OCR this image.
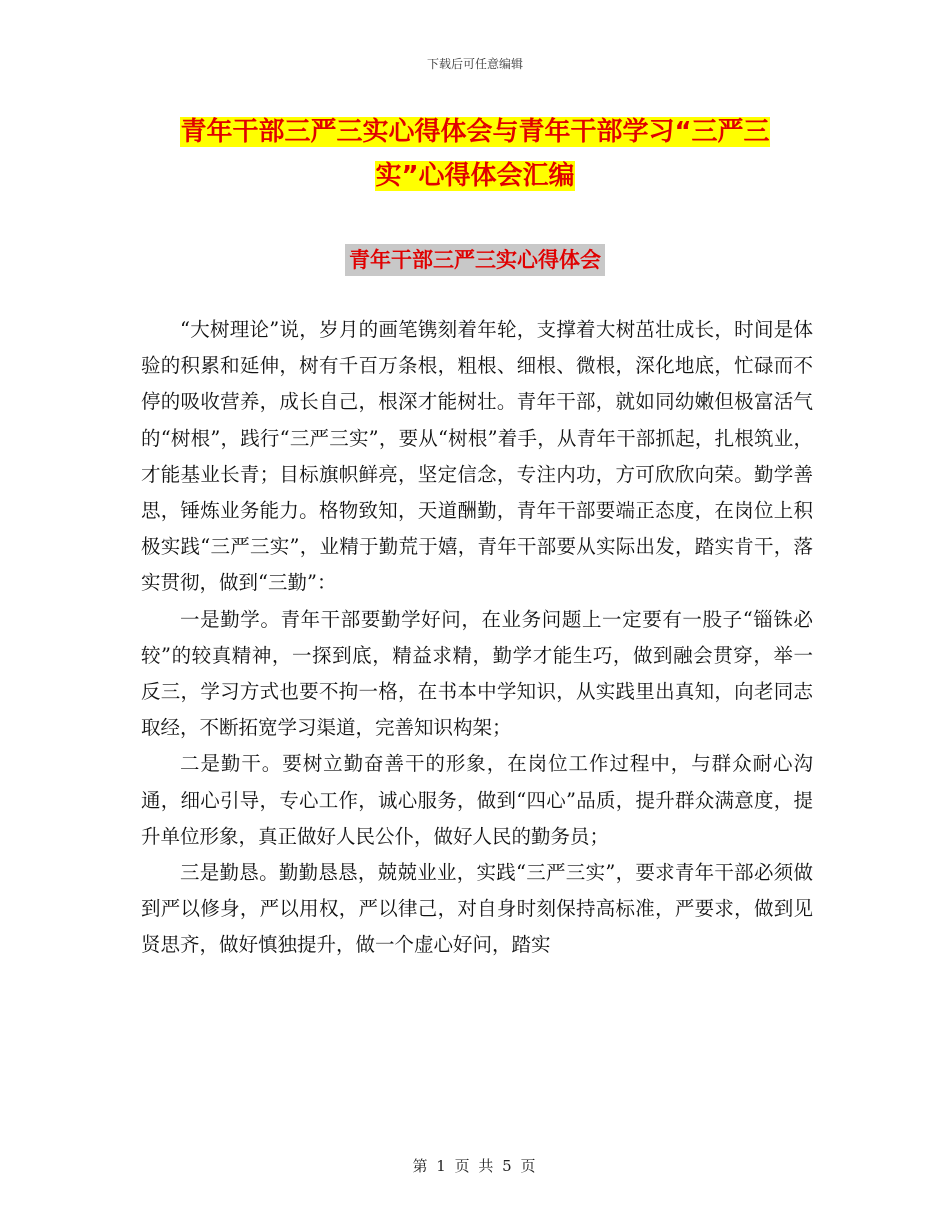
下载后可任意编辑
青年干部三严三实心得体会与青年干部学习“三严三
实”心得体会汇编
青年干部三严三实心得体会

“大树理论”说，岁月的画笔镌刻着年轮，支撑着大树茁壮成长，时间是体验的积累和延伸，树有千百万条根，粗根、细根、微根，深化地底，忙碌而不停的吸收营养，成长自己，根深才能树壮。青年干部，就如同幼嫩但极富活气的“树根”，践行“三严三实”，要从“树根”着手，从青年干部抓起，扎根筑业，才能基业长青；目标旗帜鲜亮，坚定信念，专注内功，方可欣欣向荣。勤学善思，锤炼业务能力。格物致知，天道酬勤，青年干部要端正态度，在岗位上积极实践“三严三实”，业精于勤荒于嬉，青年干部要从实际出发，踏实肯干，落实贯彻，做到“三勤”：

一是勤学。青年干部要勤学好问，在业务问题上一定要有一股子“锱铢必较”的较真精神，一探到底，精益求精，勤学才能生巧，做到融会贯穿，举一反三，学习方式也要不拘一格，在书本中学知识，从实践里出真知，向老同志取经，不断拓宽学习渠道，完善知识构架；

二是勤干。要树立勤奋善干的形象，在岗位工作过程中，与群众耐心沟通，细心引导，专心工作，诚心服务，做到“四心”品质，提升群众满意度，提升单位形象，真正做好人民公仆，做好人民的勤务员；

三是勤恳。勤勤恳恳，兢兢业业，实践“三严三实”，要求青年干部必须做到严以修身，严以用权，严以律己，对自身时刻保持高标准，严要求，做到见贤思齐，做好慎独提升，做一个虚心好问，踏实

第 1 页 共 5 页
